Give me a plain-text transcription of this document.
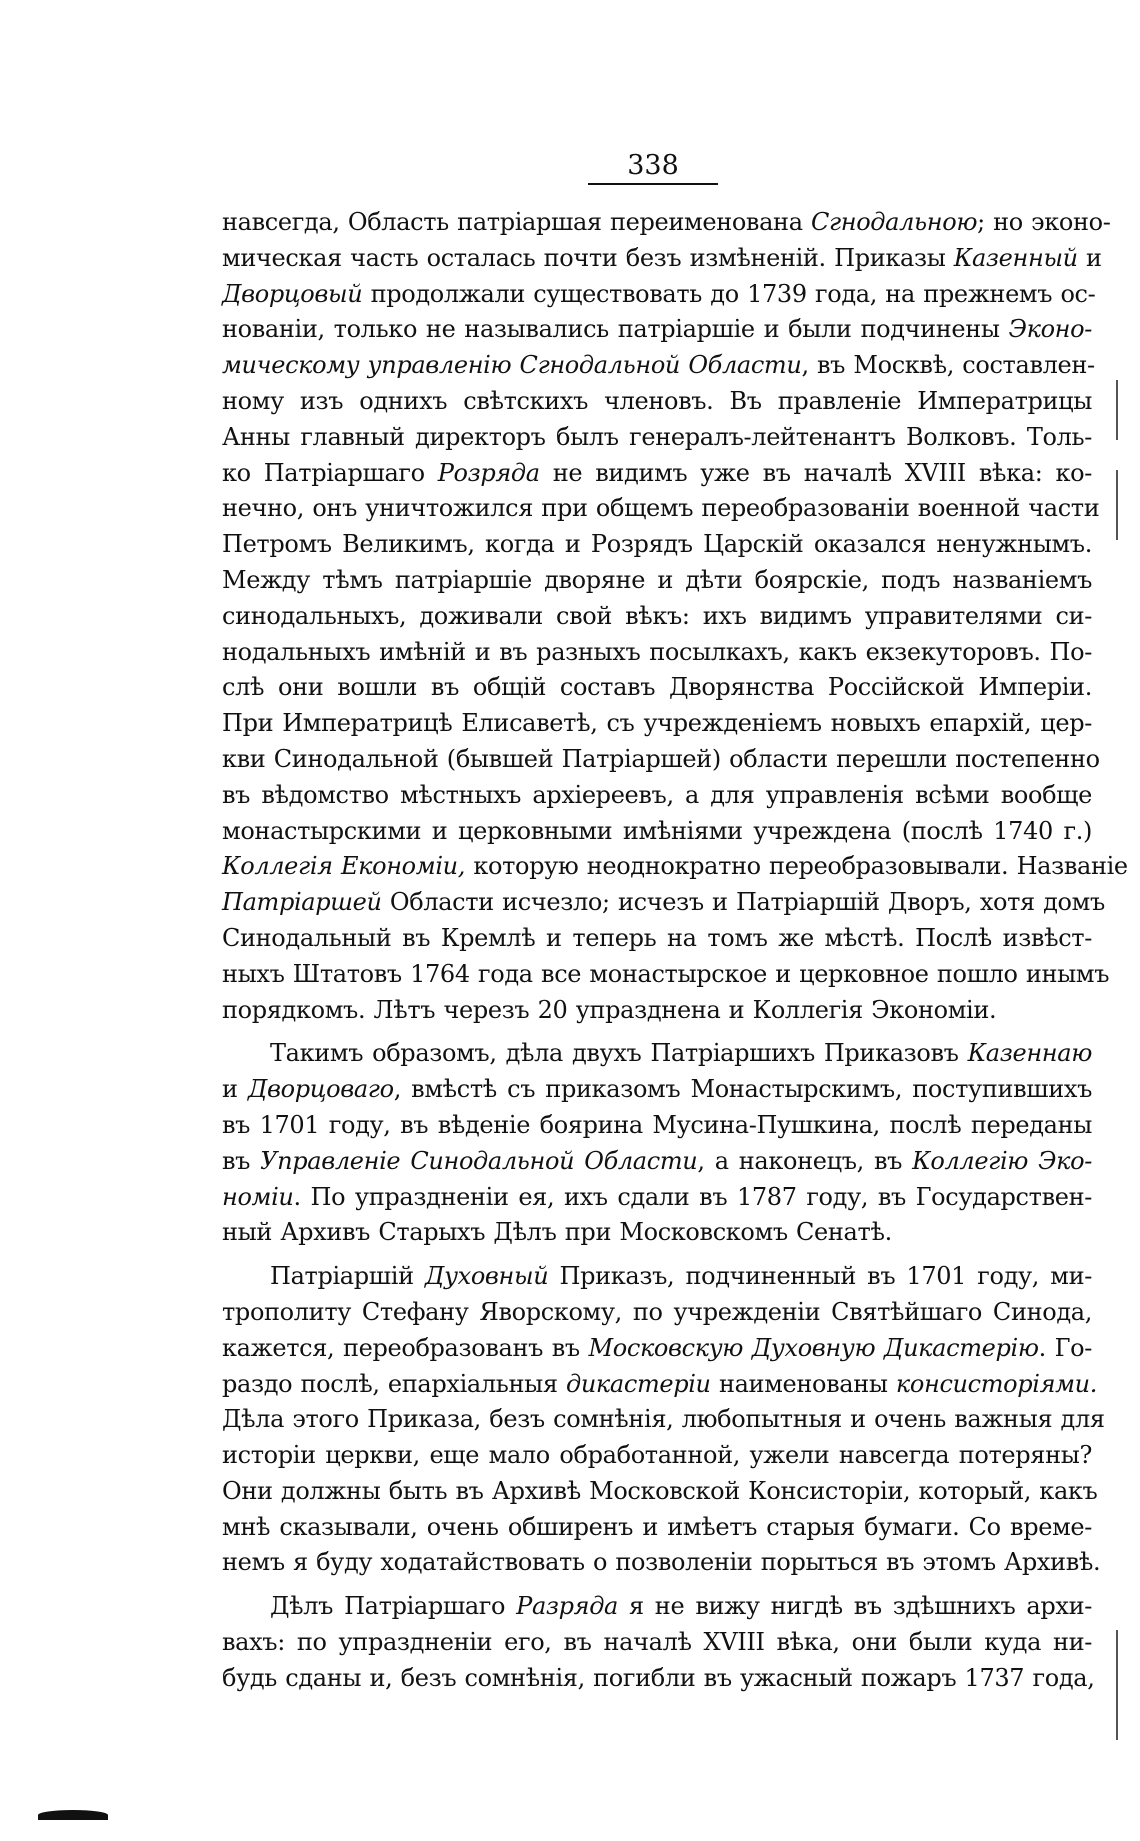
338
навсегда, Область патріаршая переименована Сгнодальною; но эконо-
мическая часть осталась почти безъ измѣненій. Приказы Казенный и
Дворцовый продолжали существовать до 1739 года, на прежнемъ ос-
нованіи, только не назывались патріаршіе и были подчинены Эконо-
мическому управленію Сгнодальной Области, въ Москвѣ, составлен-
ному изъ однихъ свѣтскихъ членовъ. Въ правленіе Императрицы
Анны главный директоръ былъ генералъ-лейтенантъ Волковъ. Толь-
ко Патріаршаго Розряда не видимъ уже въ началѣ XVIII вѣка: ко-
нечно, онъ уничтожился при общемъ переобразованіи военной части
Петромъ Великимъ, когда и Розрядъ Царскій оказался ненужнымъ.
Между тѣмъ патріаршіе дворяне и дѣти боярскіе, подъ названіемъ
синодальныхъ, доживали свой вѣкъ: ихъ видимъ управителями си-
нодальныхъ имѣній и въ разныхъ посылкахъ, какъ екзекуторовъ. По-
слѣ они вошли въ общій составъ Дворянства Россійской Имперіи.
При Императрицѣ Елисаветѣ, съ учрежденіемъ новыхъ епархій, цер-
кви Синодальной (бывшей Патріаршей) области перешли постепенно
въ вѣдомство мѣстныхъ архіереевъ, а для управленія всѣми вообще
монастырскими и церковными имѣніями учреждена (послѣ 1740 г.)
Коллегія Економіи, которую неоднократно переобразовывали. Названіе
Патріаршей Области исчезло; исчезъ и Патріаршій Дворъ, хотя домъ
Синодальный въ Кремлѣ и теперь на томъ же мѣстѣ. Послѣ извѣст-
ныхъ Штатовъ 1764 года все монастырское и церковное пошло инымъ
порядкомъ. Лѣтъ черезъ 20 упразднена и Коллегія Экономіи.
Такимъ образомъ, дѣла двухъ Патріаршихъ Приказовъ Казеннаю
и Дворцоваго, вмѣстѣ съ приказомъ Монастырскимъ, поступившихъ
въ 1701 году, въ вѣденіе боярина Мусина-Пушкина, послѣ переданы
въ Управленіе Синодальной Области, а наконецъ, въ Коллегію Эко-
номіи. По упраздненіи ея, ихъ сдали въ 1787 году, въ Государствен-
ный Архивъ Старыхъ Дѣлъ при Московскомъ Сенатѣ.
Патріаршій Духовный Приказъ, подчиненный въ 1701 году, ми-
трополиту Стефану Яворскому, по учрежденіи Святѣйшаго Синода,
кажется, переобразованъ въ Московскую Духовную Дикастерію. Го-
раздо послѣ, епархіальныя дикастеріи наименованы консисторіями.
Дѣла этого Приказа, безъ сомнѣнія, любопытныя и очень важныя для
исторіи церкви, еще мало обработанной, ужели навсегда потеряны?
Они должны быть въ Архивѣ Московской Консисторіи, который, какъ
мнѣ сказывали, очень обширенъ и имѣетъ старыя бумаги. Со време-
немъ я буду ходатайствовать о позволеніи порыться въ этомъ Архивѣ.
Дѣлъ Патріаршаго Разряда я не вижу нигдѣ въ здѣшнихъ архи-
вахъ: по упраздненіи его, въ началѣ XVIII вѣка, они были куда ни-
будь сданы и, безъ сомнѣнія, погибли въ ужасный пожаръ 1737 года,
